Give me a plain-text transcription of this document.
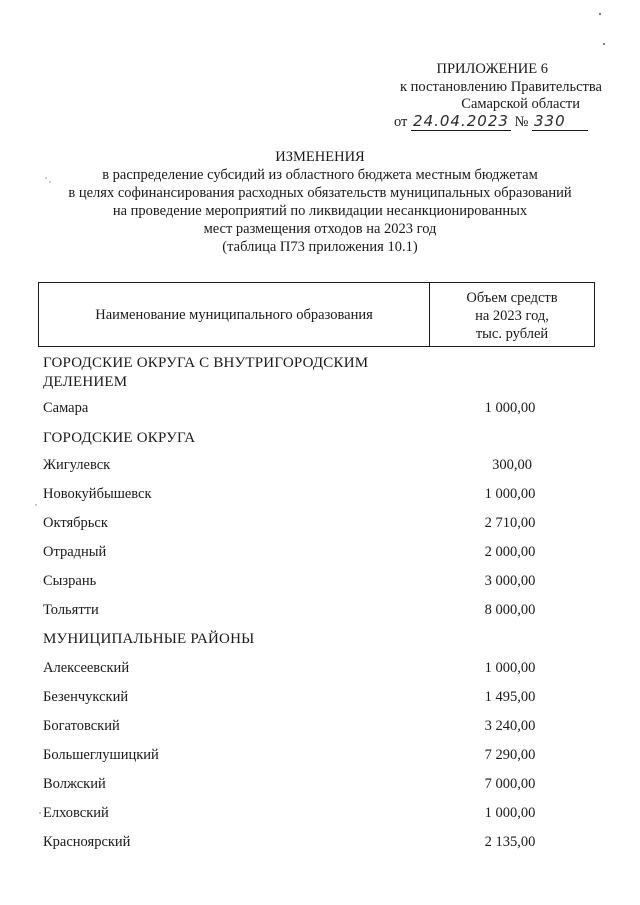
ПРИЛОЖЕНИЕ 6
к постановлению Правительства
Самарской области
от 24.04.2023 № 330
ИЗМЕНЕНИЯ
в распределение субсидий из областного бюджета местным бюджетам
в целях софинансирования расходных обязательств муниципальных образований
на проведение мероприятий по ликвидации несанкционированных
мест размещения отходов на 2023 год
(таблица П73 приложения 10.1)
Наименование муниципального образования
Объем средств
на 2023 год,
тыс. рублей
ГОРОДСКИЕ ОКРУГА С ВНУТРИГОРОДСКИМ
ДЕЛЕНИЕМ
Самара	1 000,00
ГОРОДСКИЕ ОКРУГА
Жигулевск	300,00
Новокуйбышевск	1 000,00
Октябрьск	2 710,00
Отрадный	2 000,00
Сызрань	3 000,00
Тольятти	8 000,00
МУНИЦИПАЛЬНЫЕ РАЙОНЫ
Алексеевский	1 000,00
Безенчукский	1 495,00
Богатовский	3 240,00
Большеглушицкий	7 290,00
Волжский	7 000,00
Елховский	1 000,00
Красноярский	2 135,00
